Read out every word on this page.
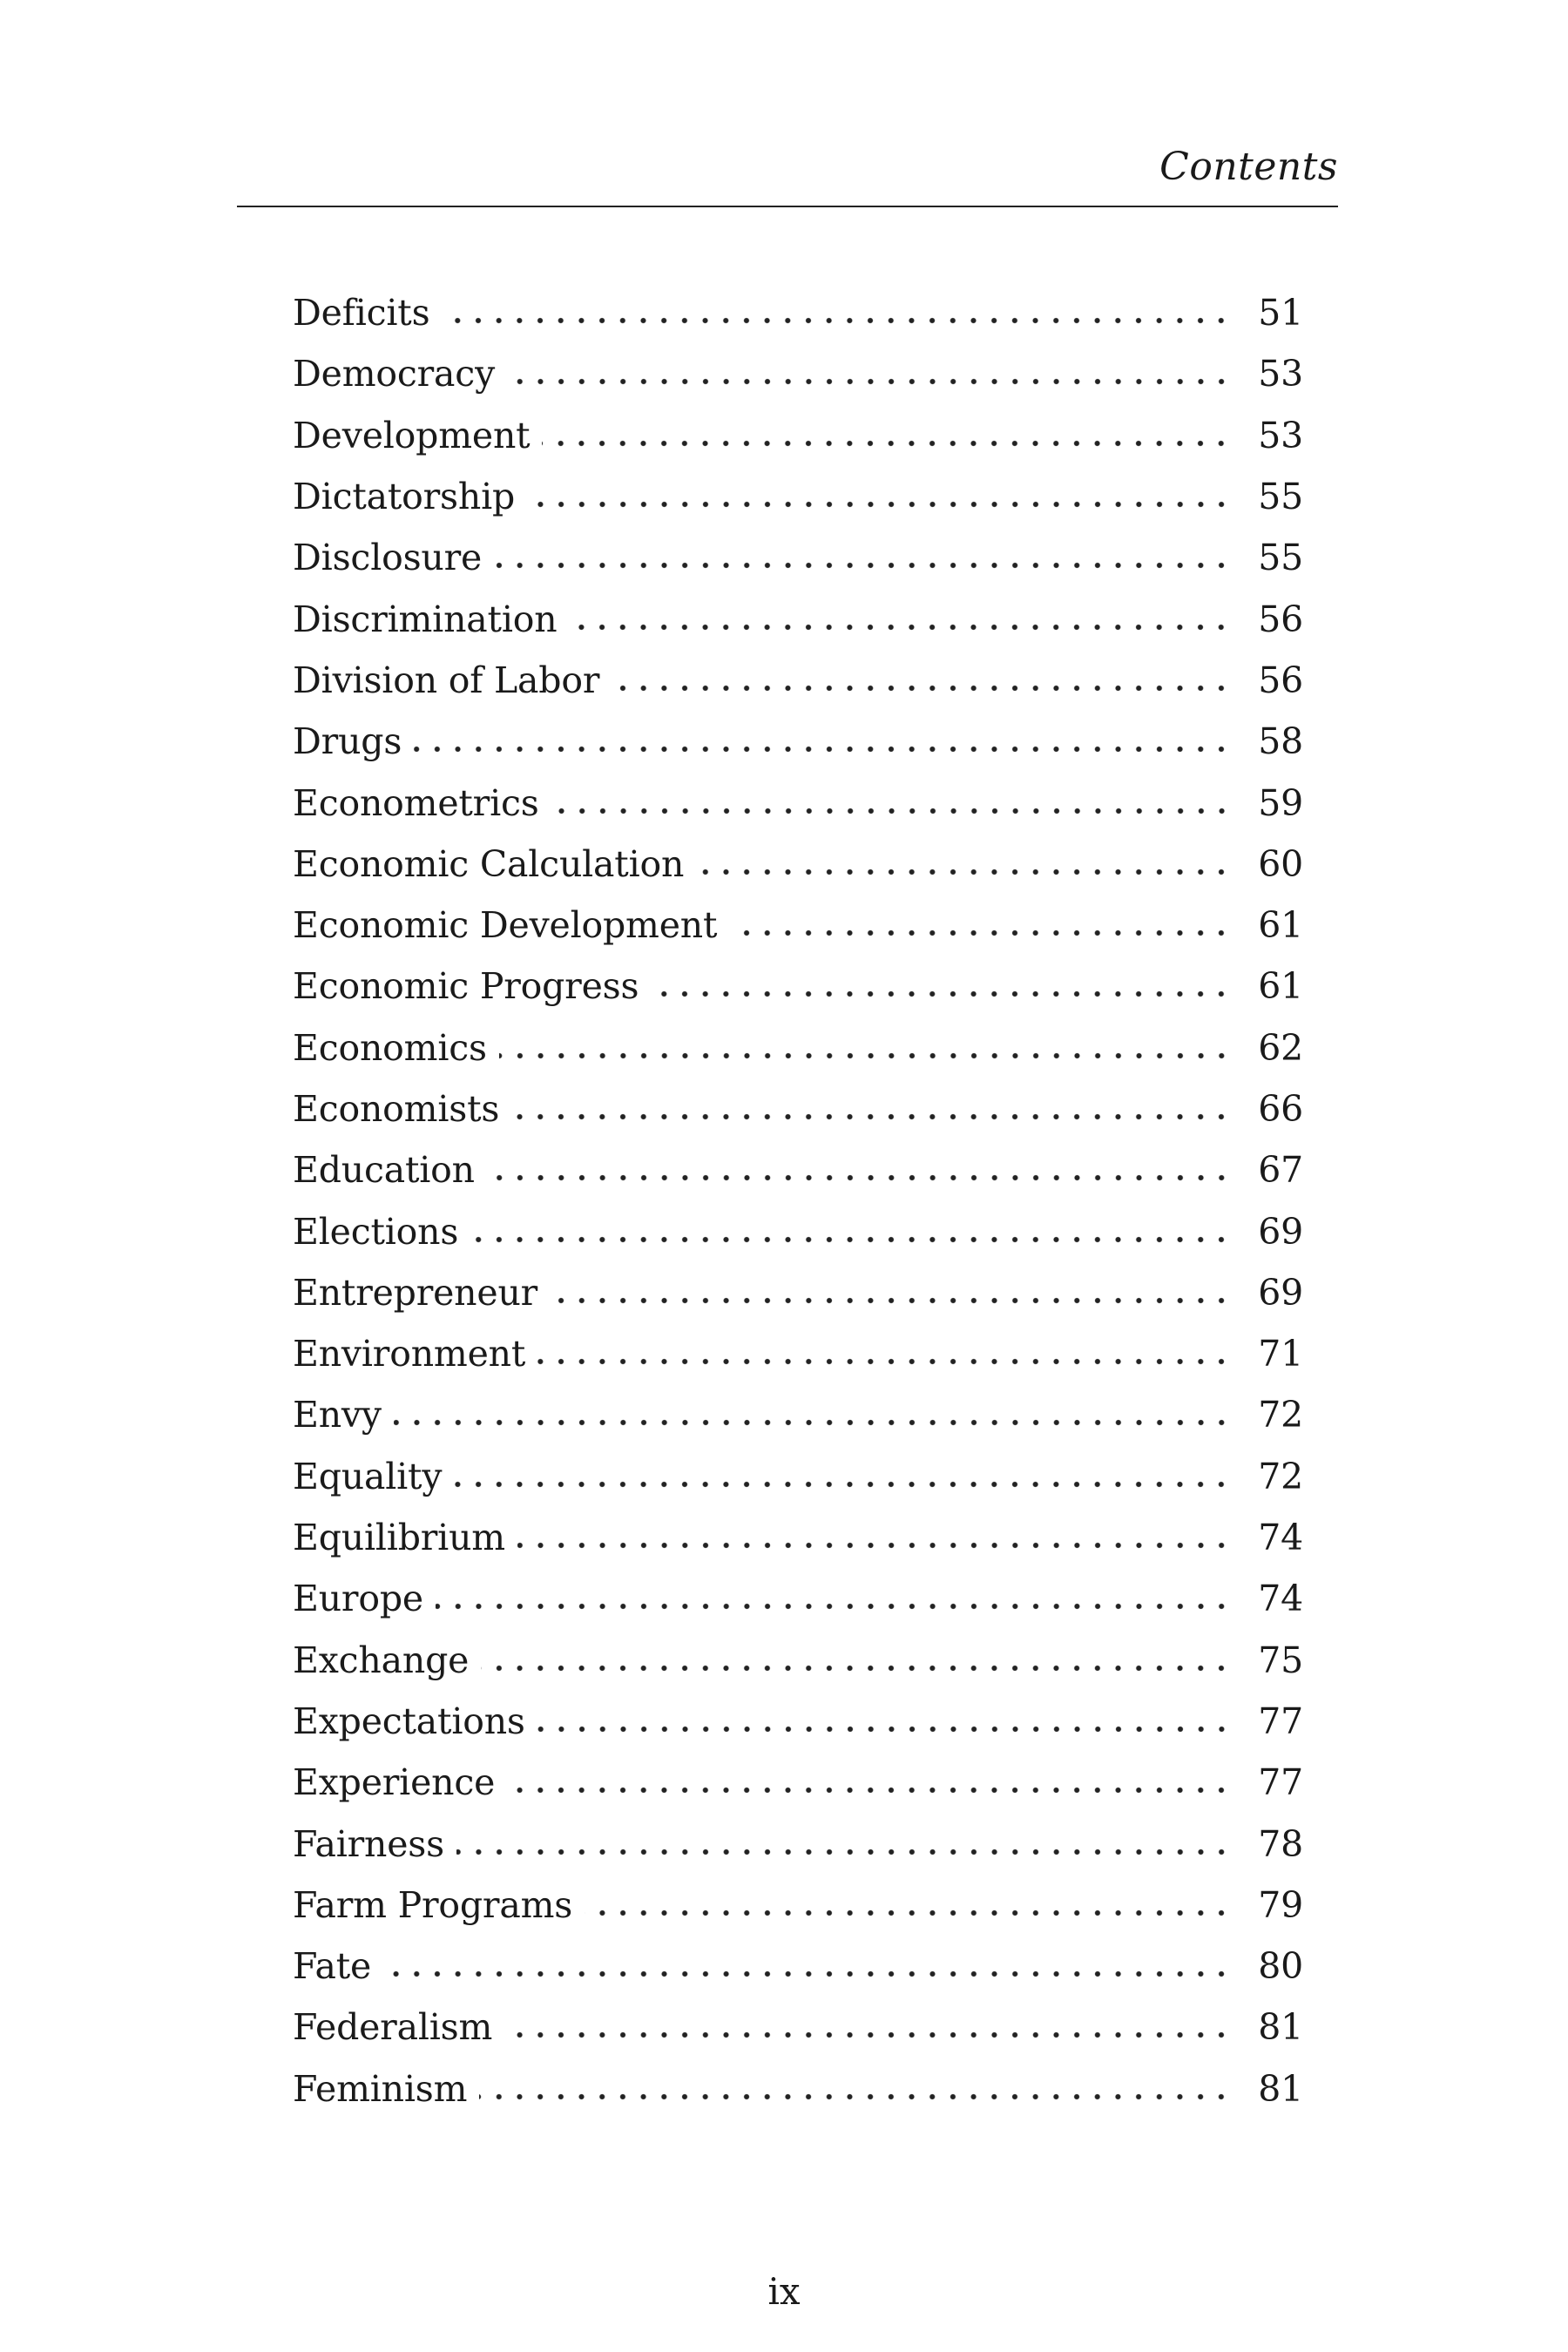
Contents
Deficits	51
Democracy	53
Development	53
Dictatorship	55
Disclosure	55
Discrimination	56
Division of Labor	56
Drugs	58
Econometrics	59
Economic Calculation	60
Economic Development	61
Economic Progress	61
Economics	62
Economists	66
Education	67
Elections	69
Entrepreneur	69
Environment	71
Envy	72
Equality	72
Equilibrium	74
Europe	74
Exchange	75
Expectations	77
Experience	77
Fairness	78
Farm Programs	79
Fate	80
Federalism	81
Feminism	81
ix
